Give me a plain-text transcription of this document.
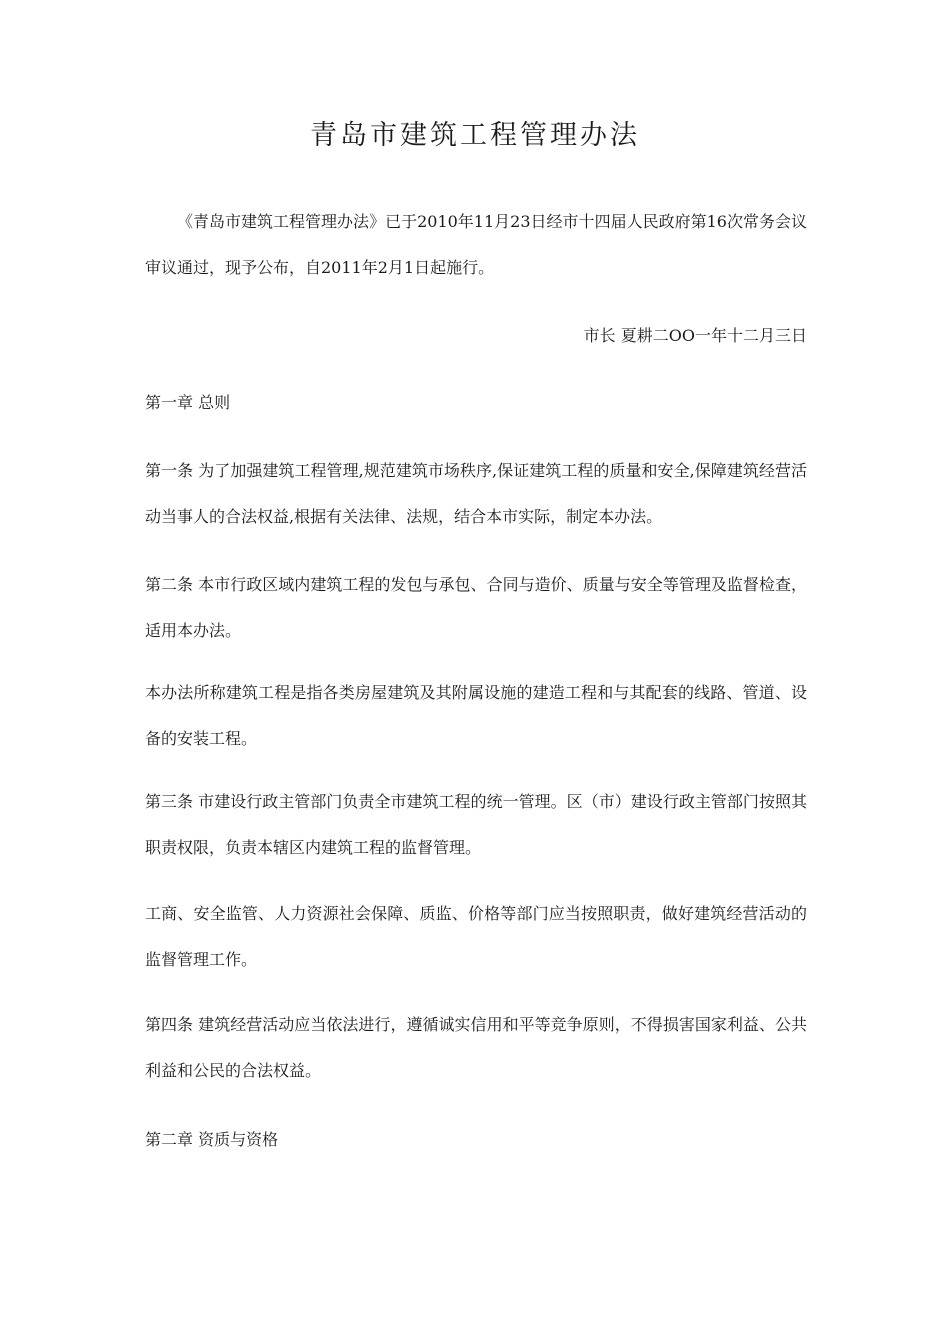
青岛市建筑工程管理办法

《青岛市建筑工程管理办法》已于2010年11月23日经市十四届人民政府第16次常务会议审议通过，现予公布，自2011年2月1日起施行。

市长 夏耕二OO一年十二月三日

第一章 总则

第一条 为了加强建筑工程管理,规范建筑市场秩序,保证建筑工程的质量和安全,保障建筑经营活动当事人的合法权益,根据有关法律、法规，结合本市实际，制定本办法。

第二条 本市行政区域内建筑工程的发包与承包、合同与造价、质量与安全等管理及监督检查，适用本办法。

本办法所称建筑工程是指各类房屋建筑及其附属设施的建造工程和与其配套的线路、管道、设备的安装工程。

第三条 市建设行政主管部门负责全市建筑工程的统一管理。区（市）建设行政主管部门按照其职责权限，负责本辖区内建筑工程的监督管理。

工商、安全监管、人力资源社会保障、质监、价格等部门应当按照职责，做好建筑经营活动的监督管理工作。

第四条 建筑经营活动应当依法进行，遵循诚实信用和平等竞争原则，不得损害国家利益、公共利益和公民的合法权益。

第二章 资质与资格
